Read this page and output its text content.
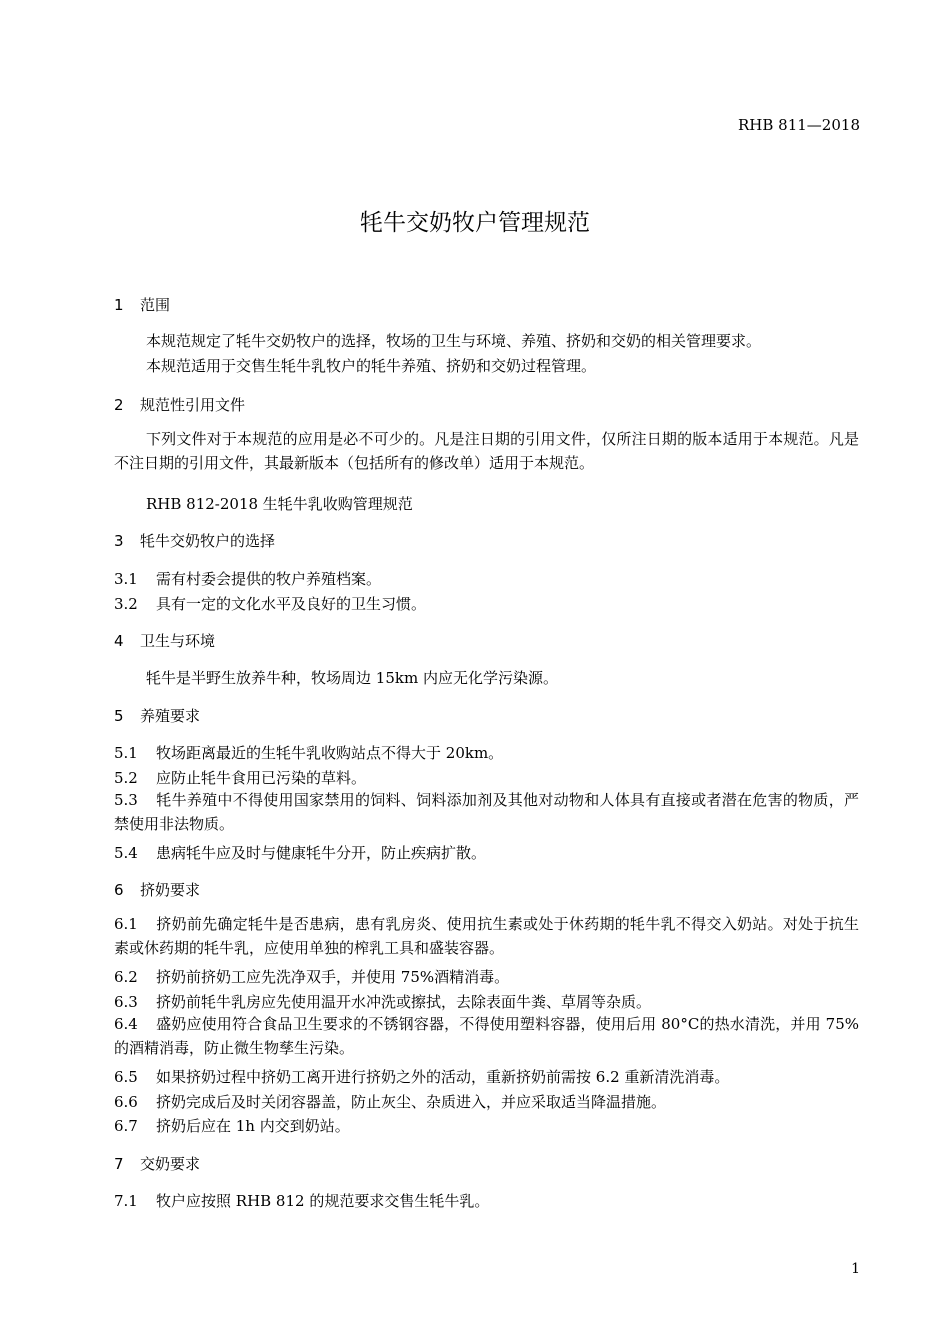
RHB 811—2018
牦牛交奶牧户管理规范
1 范围
本规范规定了牦牛交奶牧户的选择，牧场的卫生与环境、养殖、挤奶和交奶的相关管理要求。
本规范适用于交售生牦牛乳牧户的牦牛养殖、挤奶和交奶过程管理。
2 规范性引用文件
下列文件对于本规范的应用是必不可少的。凡是注日期的引用文件，仅所注日期的版本适用于本规范。凡是不注日期的引用文件，其最新版本（包括所有的修改单）适用于本规范。
RHB 812-2018 生牦牛乳收购管理规范
3 牦牛交奶牧户的选择
3.1 需有村委会提供的牧户养殖档案。
3.2 具有一定的文化水平及良好的卫生习惯。
4 卫生与环境
牦牛是半野生放养牛种，牧场周边 15km 内应无化学污染源。
5 养殖要求
5.1 牧场距离最近的生牦牛乳收购站点不得大于 20km。
5.2 应防止牦牛食用已污染的草料。
5.3 牦牛养殖中不得使用国家禁用的饲料、饲料添加剂及其他对动物和人体具有直接或者潜在危害的物质，严禁使用非法物质。
5.4 患病牦牛应及时与健康牦牛分开，防止疾病扩散。
6 挤奶要求
6.1 挤奶前先确定牦牛是否患病，患有乳房炎、使用抗生素或处于休药期的牦牛乳不得交入奶站。对处于抗生素或休药期的牦牛乳，应使用单独的榨乳工具和盛装容器。
6.2 挤奶前挤奶工应先洗净双手，并使用 75%酒精消毒。
6.3 挤奶前牦牛乳房应先使用温开水冲洗或擦拭，去除表面牛粪、草屑等杂质。
6.4 盛奶应使用符合食品卫生要求的不锈钢容器，不得使用塑料容器，使用后用 80°C的热水清洗，并用 75%的酒精消毒，防止微生物孳生污染。
6.5 如果挤奶过程中挤奶工离开进行挤奶之外的活动，重新挤奶前需按 6.2 重新清洗消毒。
6.6 挤奶完成后及时关闭容器盖，防止灰尘、杂质进入，并应采取适当降温措施。
6.7 挤奶后应在 1h 内交到奶站。
7 交奶要求
7.1 牧户应按照 RHB 812 的规范要求交售生牦牛乳。
1
